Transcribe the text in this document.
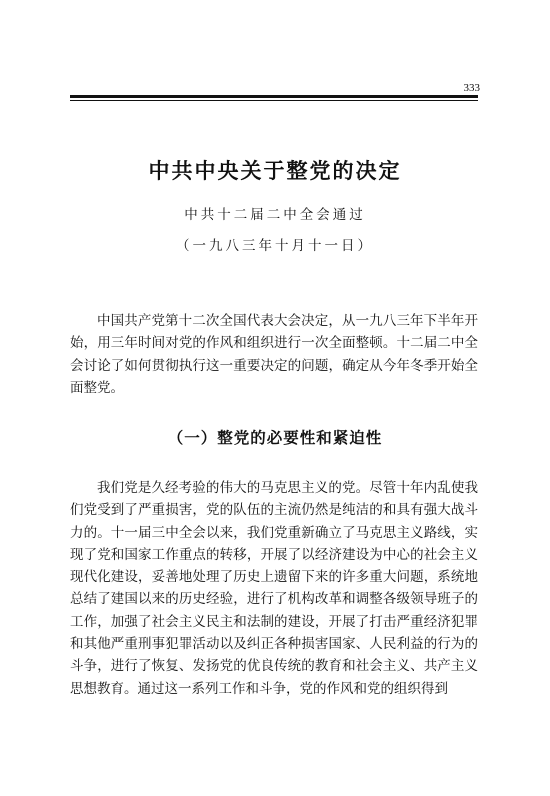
333
中共中央关于整党的决定
中共十二届二中全会通过
（一九八三年十月十一日）

中国共产党第十二次全国代表大会决定，从一九八三年下半年开始，用三年时间对党的作风和组织进行一次全面整顿。十二届二中全会讨论了如何贯彻执行这一重要决定的问题，确定从今年冬季开始全面整党。

（一）整党的必要性和紧迫性

我们党是久经考验的伟大的马克思主义的党。尽管十年内乱使我们党受到了严重损害，党的队伍的主流仍然是纯洁的和具有强大战斗力的。十一届三中全会以来，我们党重新确立了马克思主义路线，实现了党和国家工作重点的转移，开展了以经济建设为中心的社会主义现代化建设，妥善地处理了历史上遗留下来的许多重大问题，系统地总结了建国以来的历史经验，进行了机构改革和调整各级领导班子的工作，加强了社会主义民主和法制的建设，开展了打击严重经济犯罪和其他严重刑事犯罪活动以及纠正各种损害国家、人民利益的行为的斗争，进行了恢复、发扬党的优良传统的教育和社会主义、共产主义思想教育。通过这一系列工作和斗争，党的作风和党的组织得到
